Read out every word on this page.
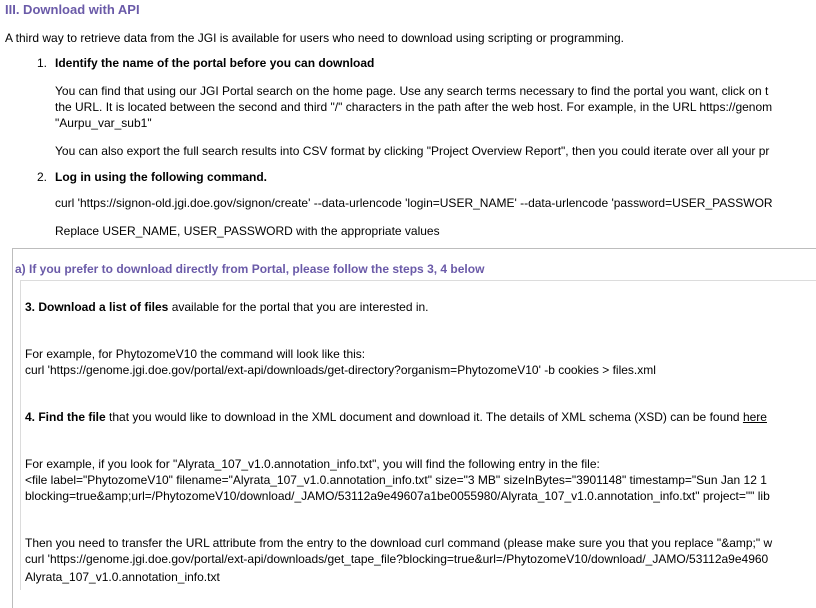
III. Download with API
A third way to retrieve data from the JGI is available for users who need to download using scripting or programming.
1. Identify the name of the portal before you can download
You can find that using our JGI Portal search on the home page. Use any search terms necessary to find the portal you want, click on t
the URL. It is located between the second and third "/" characters in the path after the web host. For example, in the URL https://genom
"Aurpu_var_sub1"
You can also export the full search results into CSV format by clicking "Project Overview Report", then you could iterate over all your pr
2. Log in using the following command.
curl 'https://signon-old.jgi.doe.gov/signon/create' --data-urlencode 'login=USER_NAME' --data-urlencode 'password=USER_PASSWOR
Replace USER_NAME, USER_PASSWORD with the appropriate values
a) If you prefer to download directly from Portal, please follow the steps 3, 4 below
3. Download a list of files available for the portal that you are interested in.
For example, for PhytozomeV10 the command will look like this:
curl 'https://genome.jgi.doe.gov/portal/ext-api/downloads/get-directory?organism=PhytozomeV10' -b cookies > files.xml
4. Find the file that you would like to download in the XML document and download it. The details of XML schema (XSD) can be found here
For example, if you look for "Alyrata_107_v1.0.annotation_info.txt", you will find the following entry in the file:
<file label="PhytozomeV10" filename="Alyrata_107_v1.0.annotation_info.txt" size="3 MB" sizeInBytes="3901148" timestamp="Sun Jan 12 1
blocking=true&amp;url=/PhytozomeV10/download/_JAMO/53112a9e49607a1be0055980/Alyrata_107_v1.0.annotation_info.txt" project="" lib
Then you need to transfer the URL attribute from the entry to the download curl command (please make sure you that you replace "&amp;" w
curl 'https://genome.jgi.doe.gov/portal/ext-api/downloads/get_tape_file?blocking=true&url=/PhytozomeV10/download/_JAMO/53112a9e4960
Alyrata_107_v1.0.annotation_info.txt
